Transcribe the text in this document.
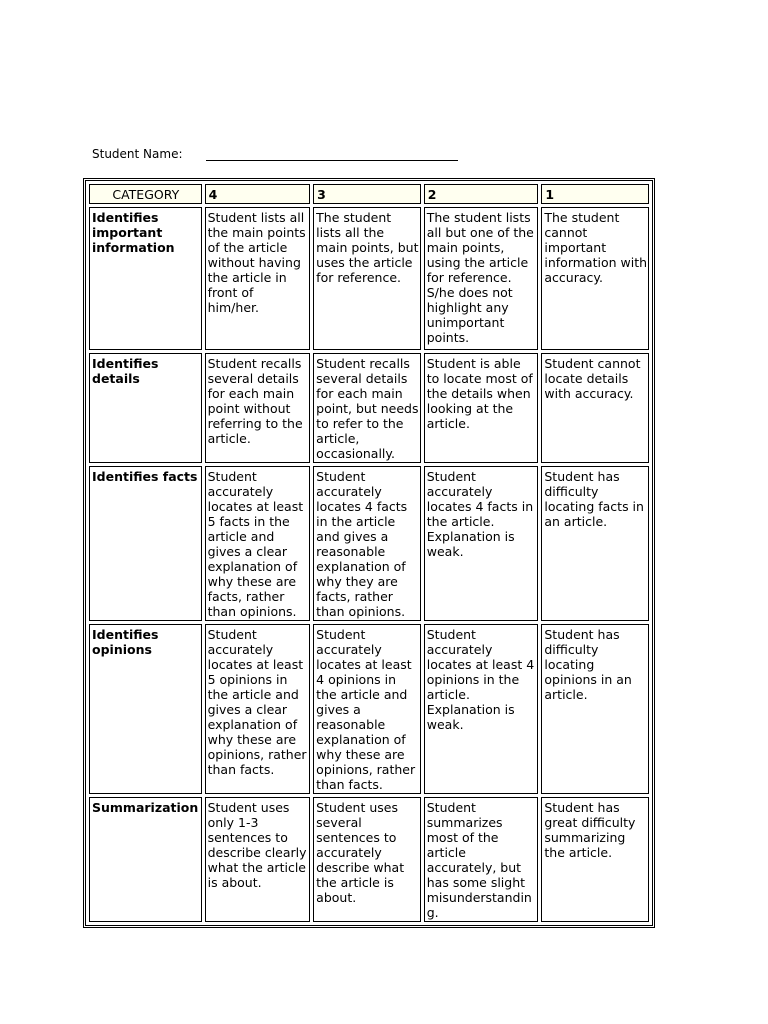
Student Name:
CATEGORY	4	3	2	1
Identifies important information	Student lists all the main points of the article without having the article in front of him/her.	The student lists all the main points, but uses the article for reference.	The student lists all but one of the main points, using the article for reference. S/he does not highlight any unimportant points.	The student cannot important information with accuracy.
Identifies details	Student recalls several details for each main point without referring to the article.	Student recalls several details for each main point, but needs to refer to the article, occasionally.	Student is able to locate most of the details when looking at the article.	Student cannot locate details with accuracy.
Identifies facts	Student accurately locates at least 5 facts in the article and gives a clear explanation of why these are facts, rather than opinions.	Student accurately locates 4 facts in the article and gives a reasonable explanation of why they are facts, rather than opinions.	Student accurately locates 4 facts in the article. Explanation is weak.	Student has difficulty locating facts in an article.
Identifies opinions	Student accurately locates at least 5 opinions in the article and gives a clear explanation of why these are opinions, rather than facts.	Student accurately locates at least 4 opinions in the article and gives a reasonable explanation of why these are opinions, rather than facts.	Student accurately locates at least 4 opinions in the article. Explanation is weak.	Student has difficulty locating opinions in an article.
Summarization	Student uses only 1-3 sentences to describe clearly what the article is about.	Student uses several sentences to accurately describe what the article is about.	Student summarizes most of the article accurately, but has some slight misunderstanding.	Student has great difficulty summarizing the article.
